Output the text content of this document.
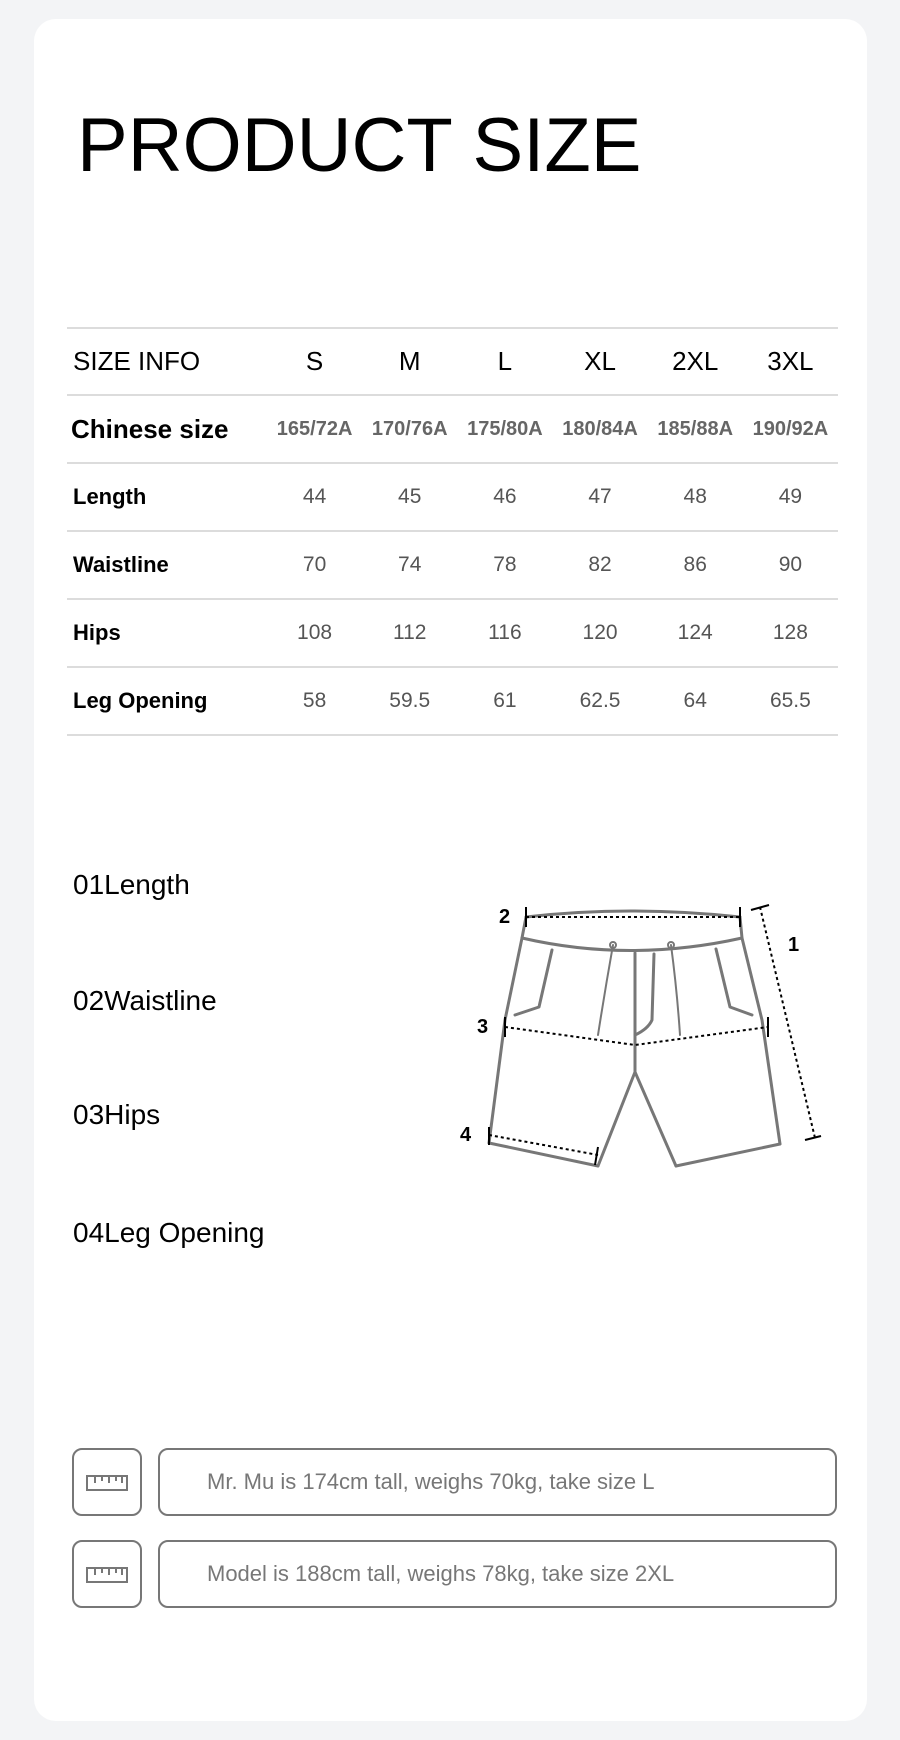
PRODUCT SIZE
SIZE INFO	S	M	L	XL	2XL	3XL
Chinese size	165/72A	170/76A	175/80A	180/84A	185/88A	190/92A
Length	44	45	46	47	48	49
Waistline	70	74	78	82	86	90
Hips	108	112	116	120	124	128
Leg Opening	58	59.5	61	62.5	64	65.5
01Length
02Waistline
03Hips
04Leg Opening
2
1
3
4
Mr. Mu is 174cm tall, weighs 70kg, take size L
Model is 188cm tall, weighs 78kg, take size 2XL
